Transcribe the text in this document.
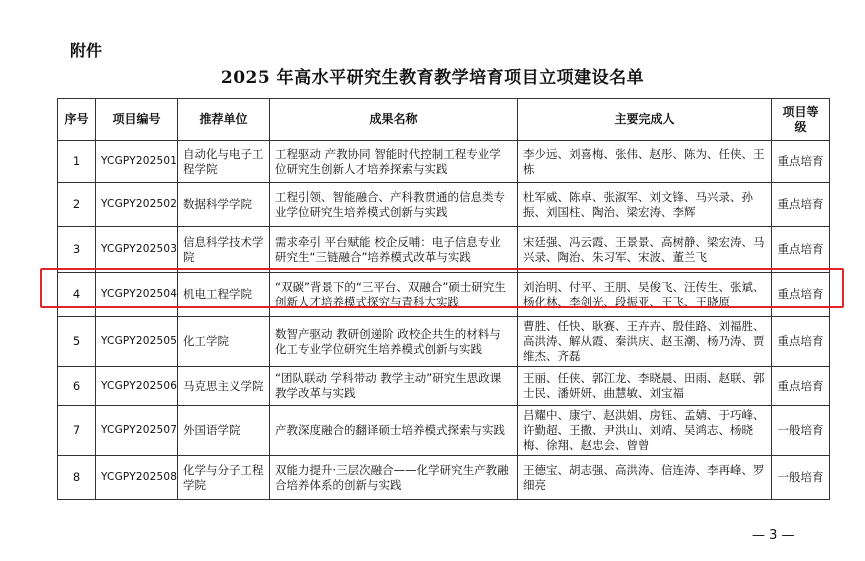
附件
2025 年高水平研究生教育教学培育项目立项建设名单
序号	项目编号	推荐单位	成果名称	主要完成人	项目等级
1	YCGPY202501	自动化与电子工程学院	工程驱动 产教协同 智能时代控制工程专业学位研究生创新人才培养探索与实践	李少远、刘喜梅、张伟、赵彤、陈为、任侠、王栋	重点培育
2	YCGPY202502	数据科学学院	工程引领、智能融合、产科教贯通的信息类专业学位研究生培养模式创新与实践	杜军威、陈卓、张淑军、刘文锋、马兴录、孙振、刘国柱、陶治、梁宏涛、李辉	重点培育
3	YCGPY202503	信息科学技术学院	需求牵引 平台赋能 校企反哺：电子信息专业研究生“三链融合”培养模式改革与实践	宋廷强、冯云霞、王景景、高树静、梁宏涛、马兴录、陶治、朱习军、宋波、董兰飞	重点培育
4	YCGPY202504	机电工程学院	“双碳”背景下的“三平台、双融合”硕士研究生创新人才培养模式探究与青科大实践	刘治明、付平、王朋、吴俊飞、汪传生、张斌、杨化林、李剑光、段振亚、王飞、王晓原	重点培育
5	YCGPY202505	化工学院	数智产驱动 教研创递阶 政校企共生的材料与化工专业学位研究生培养模式创新与实践	曹胜、任快、耿赛、王卉卉、殷佳路、刘福胜、高洪涛、解从霞、秦洪庆、赵玉潮、杨乃涛、贾维杰、齐磊	重点培育
6	YCGPY202506	马克思主义学院	“团队联动 学科带动 教学主动”研究生思政课教学改革与实践	王丽、任侠、郭江龙、李晓晨、田雨、赵联、郭士民、潘妍妍、曲慧敏、刘宝福	重点培育
7	YCGPY202507	外国语学院	产教深度融合的翻译硕士培养模式探索与实践	吕耀中、康宁、赵洪娟、房钰、孟婧、于巧峰、许勤超、王撒、尹洪山、刘靖、吴鸿志、杨晓梅、徐翔、赵忠会、曾曾	一般培育
8	YCGPY202508	化学与分子工程学院	双能力提升·三层次融合——化学研究生产教融合培养体系的创新与实践	王德宝、胡志强、高洪涛、信连涛、李再峰、罗细亮	一般培育
— 3 —
